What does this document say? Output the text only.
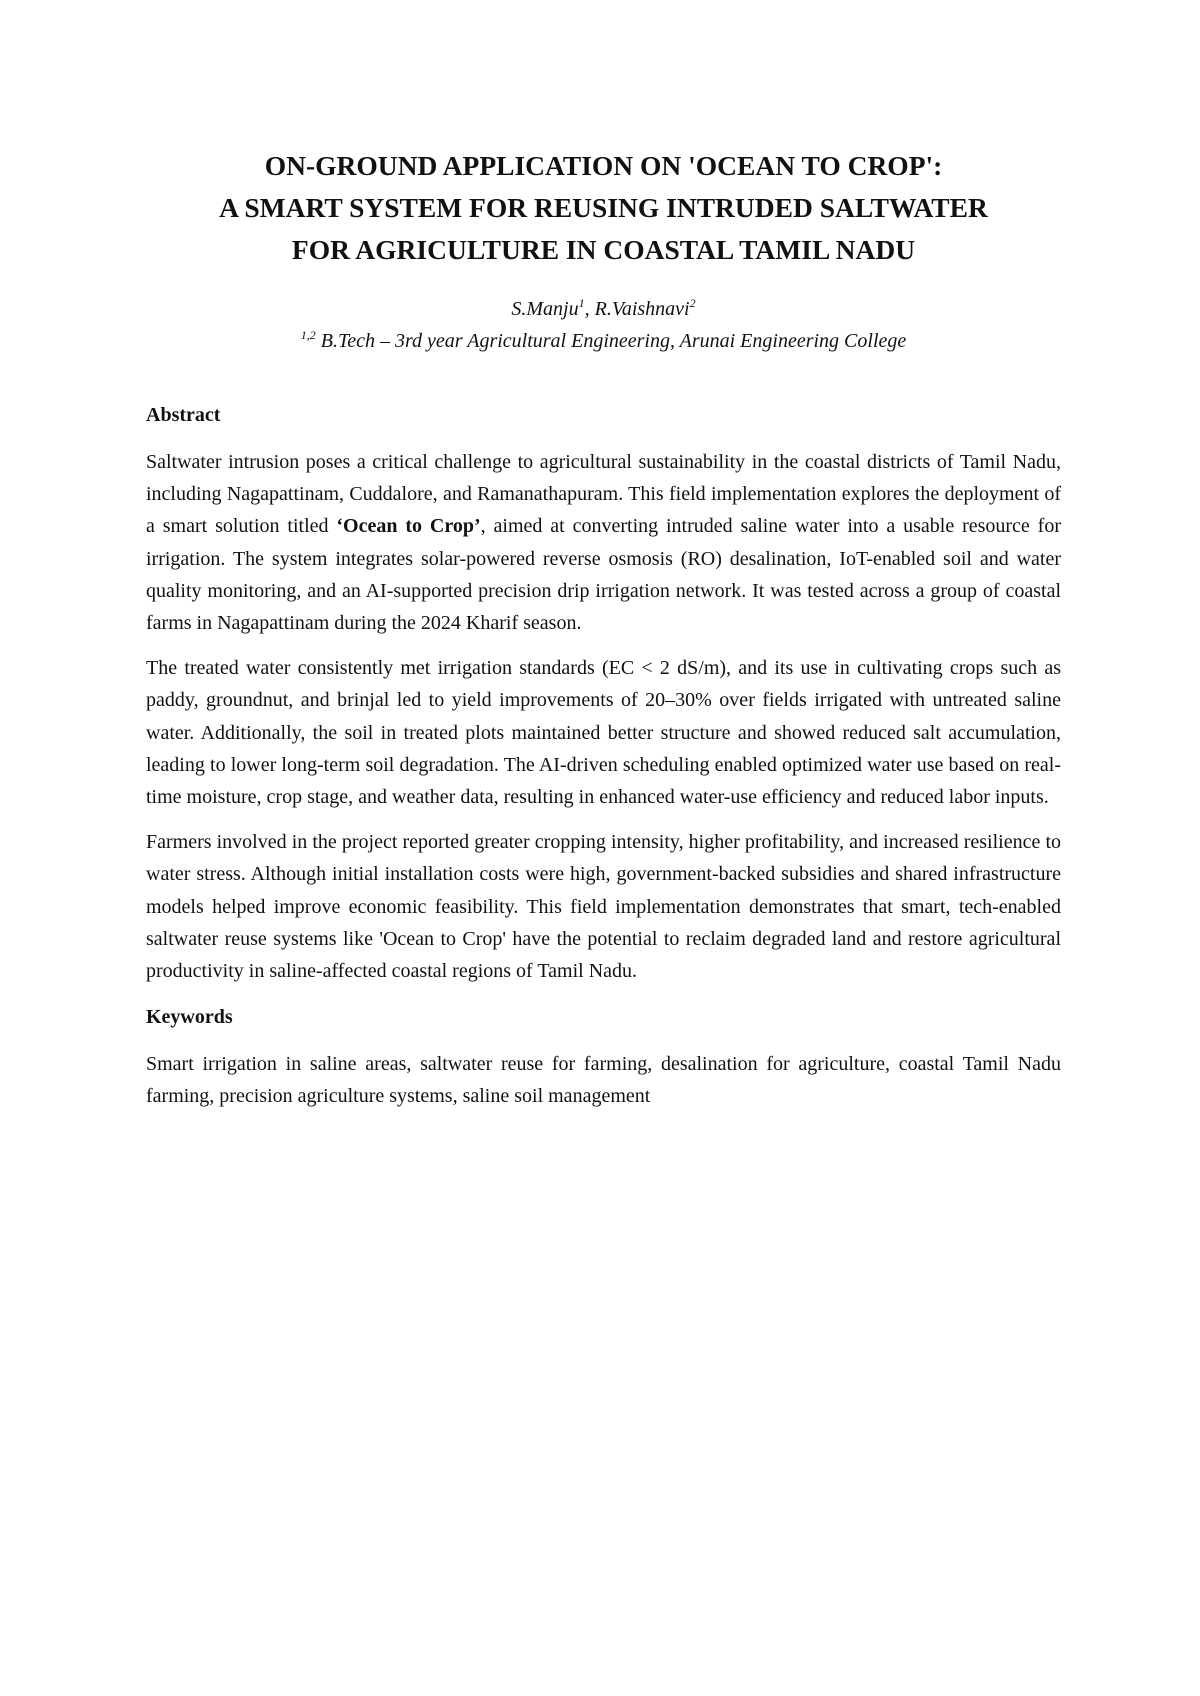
ON-GROUND APPLICATION ON 'OCEAN TO CROP':
A SMART SYSTEM FOR REUSING INTRUDED SALTWATER
FOR AGRICULTURE IN COASTAL TAMIL NADU
S.Manju$^1$, R.Vaishnavi$^2$
$^{1,2}$ B.Tech – 3rd year Agricultural Engineering, Arunai Engineering College
Abstract

Saltwater intrusion poses a critical challenge to agricultural sustainability in the coastal districts of Tamil Nadu, including Nagapattinam, Cuddalore, and Ramanathapuram. This field implementation explores the deployment of a smart solution titled ‘Ocean to Crop’, aimed at converting intruded saline water into a usable resource for irrigation. The system integrates solar-powered reverse osmosis (RO) desalination, IoT-enabled soil and water quality monitoring, and an AI-supported precision drip irrigation network. It was tested across a group of coastal farms in Nagapattinam during the 2024 Kharif season.

The treated water consistently met irrigation standards (EC < 2 dS/m), and its use in cultivating crops such as paddy, groundnut, and brinjal led to yield improvements of 20–30% over fields irrigated with untreated saline water. Additionally, the soil in treated plots maintained better structure and showed reduced salt accumulation, leading to lower long-term soil degradation. The AI-driven scheduling enabled optimized water use based on real-time moisture, crop stage, and weather data, resulting in enhanced water-use efficiency and reduced labor inputs.

Farmers involved in the project reported greater cropping intensity, higher profitability, and increased resilience to water stress. Although initial installation costs were high, government-backed subsidies and shared infrastructure models helped improve economic feasibility. This field implementation demonstrates that smart, tech-enabled saltwater reuse systems like 'Ocean to Crop' have the potential to reclaim degraded land and restore agricultural productivity in saline-affected coastal regions of Tamil Nadu.

Keywords

Smart irrigation in saline areas, saltwater reuse for farming, desalination for agriculture, coastal Tamil Nadu farming, precision agriculture systems, saline soil management
